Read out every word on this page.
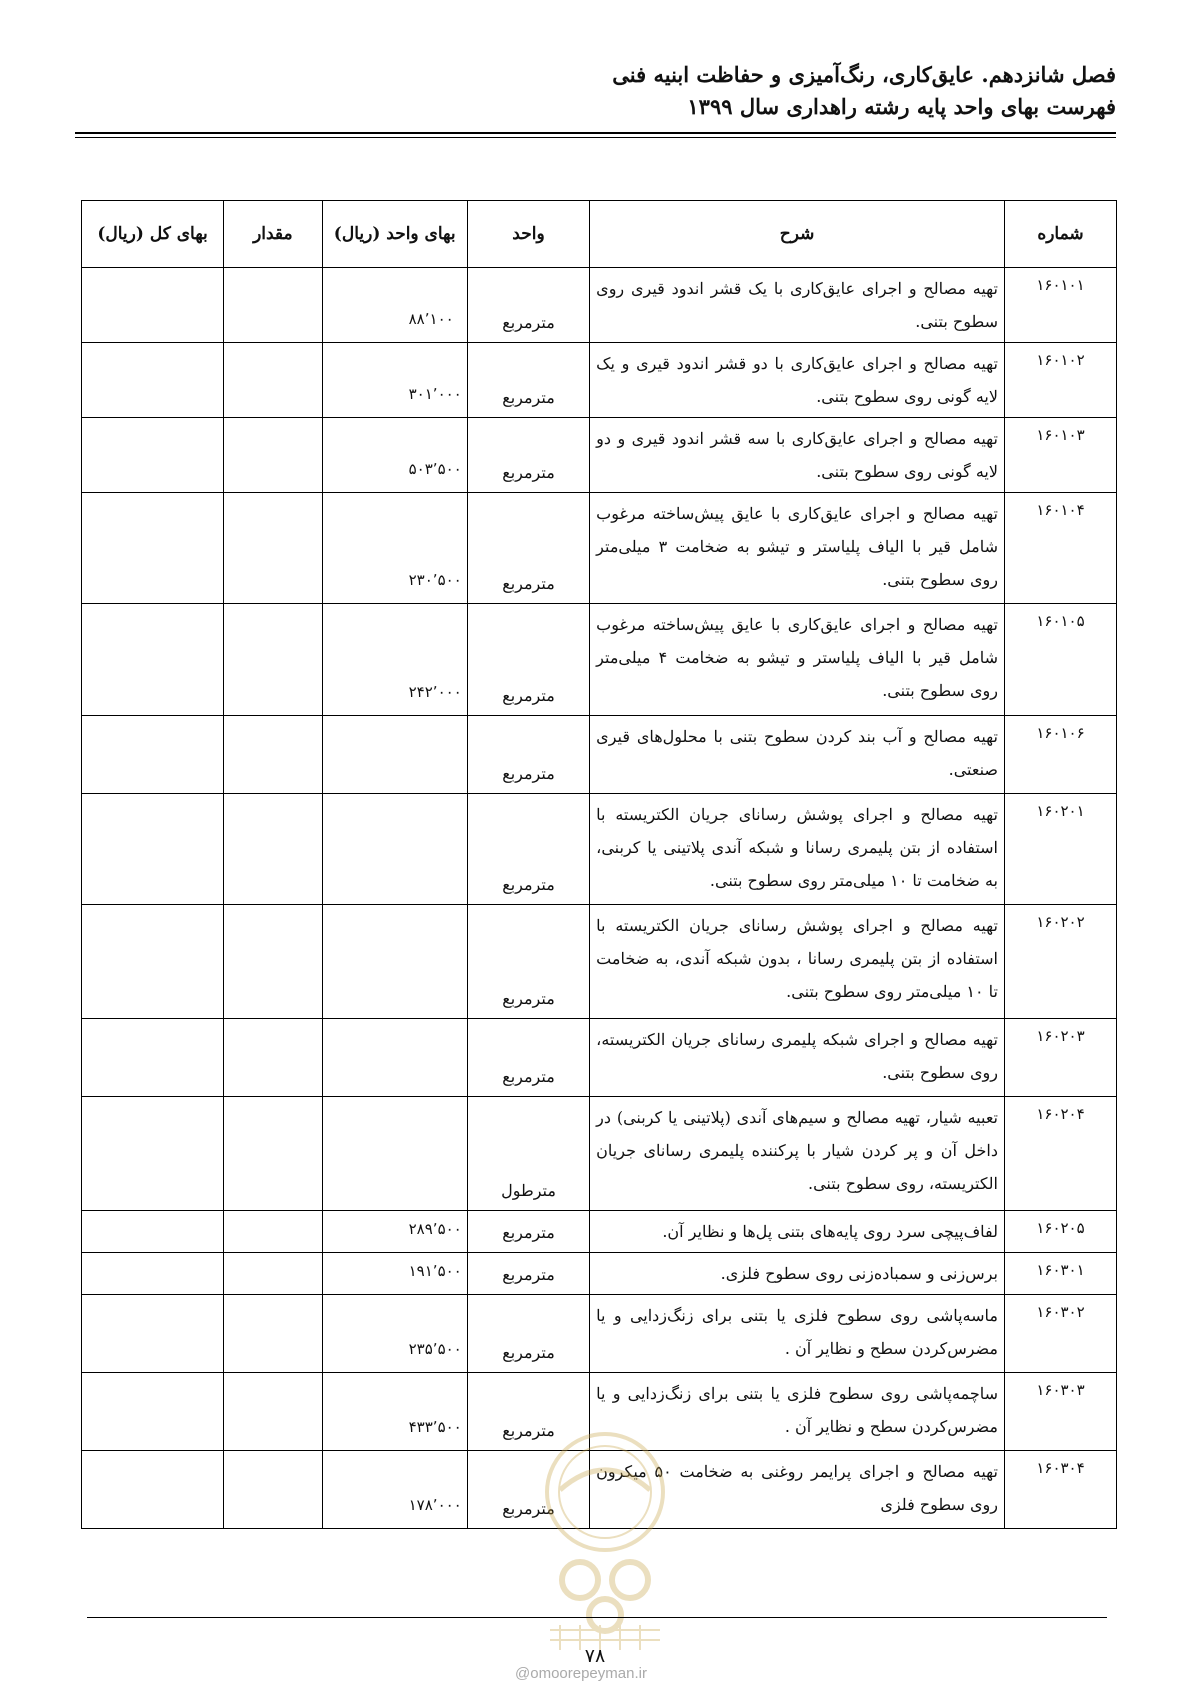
فصل شانزدهم. عایق‌کاری، رنگ‌آمیزی و حفاظت ابنیه فنی
فهرست بهای واحد پایه رشته راهداری سال ۱۳۹۹
شماره	شرح	واحد	بهای واحد (ریال)	مقدار	بهای کل (ریال)
۱۶۰۱۰۱	تهیه مصالح و اجرای عایق‌کاری با یک قشر اندود قیری روی سطوح بتنی.	مترمربع	۸۸٬۱۰۰		
۱۶۰۱۰۲	تهیه مصالح و اجرای عایق‌کاری با دو قشر اندود قیری و یک لایه گونی روی سطوح بتنی.	مترمربع	۳۰۱٬۰۰۰		
۱۶۰۱۰۳	تهیه مصالح و اجرای عایق‌کاری با سه قشر اندود قیری و دو لایه گونی روی سطوح بتنی.	مترمربع	۵۰۳٬۵۰۰		
۱۶۰۱۰۴	تهیه مصالح و اجرای عایق‌کاری با عایق پیش‌ساخته مرغوب شامل قیر با الیاف پلیاستر و تیشو به ضخامت ۳ میلی‌متر روی سطوح بتنی.	مترمربع	۲۳۰٬۵۰۰		
۱۶۰۱۰۵	تهیه مصالح و اجرای عایق‌کاری با عایق پیش‌ساخته مرغوب شامل قیر با الیاف پلیاستر و تیشو به ضخامت ۴ میلی‌متر روی سطوح بتنی.	مترمربع	۲۴۲٬۰۰۰		
۱۶۰۱۰۶	تهیه مصالح و آب بند کردن سطوح بتنی با محلول‌های قیری صنعتی.	مترمربع			
۱۶۰۲۰۱	تهیه مصالح و اجرای پوشش رسانای جریان الکتریسته با استفاده از بتن پلیمری رسانا و شبکه آندی پلاتینی یا کربنی، به ضخامت تا ۱۰ میلی‌متر روی سطوح بتنی.	مترمربع			
۱۶۰۲۰۲	تهیه مصالح و اجرای پوشش رسانای جریان الکتریسته با استفاده از بتن پلیمری رسانا ، بدون شبکه آندی، به ضخامت تا ۱۰ میلی‌متر روی سطوح بتنی.	مترمربع			
۱۶۰۲۰۳	تهیه مصالح و اجرای شبکه پلیمری رسانای جریان الکتریسته، روی سطوح بتنی.	مترمربع			
۱۶۰۲۰۴	تعبیه شیار، تهیه مصالح و سیم‌های آندی (پلاتینی یا کربنی) در داخل آن و پر کردن شیار با پرکننده پلیمری رسانای جریان الکتریسته، روی سطوح بتنی.	مترطول			
۱۶۰۲۰۵	لفاف‌پیچی سرد روی پایه‌های بتنی پل‌ها و نظایر آن.	مترمربع	۲۸۹٬۵۰۰		
۱۶۰۳۰۱	برس‌زنی و سمباده‌زنی روی سطوح فلزی.	مترمربع	۱۹۱٬۵۰۰		
۱۶۰۳۰۲	ماسه‌پاشی روی سطوح فلزی یا بتنی برای زنگ‌زدایی و یا مضرس‌کردن سطح و نظایر آن .	مترمربع	۲۳۵٬۵۰۰		
۱۶۰۳۰۳	ساچمه‌پاشی روی سطوح فلزی یا بتنی برای زنگ‌زدایی و یا مضرس‌کردن سطح و نظایر آن .	مترمربع	۴۳۳٬۵۰۰		
۱۶۰۳۰۴	تهیه مصالح و اجرای پرایمر روغنی به ضخامت ۵۰ میکرون روی سطوح فلزی	مترمربع	۱۷۸٬۰۰۰		
۷۸
@omoorepeyman.ir
